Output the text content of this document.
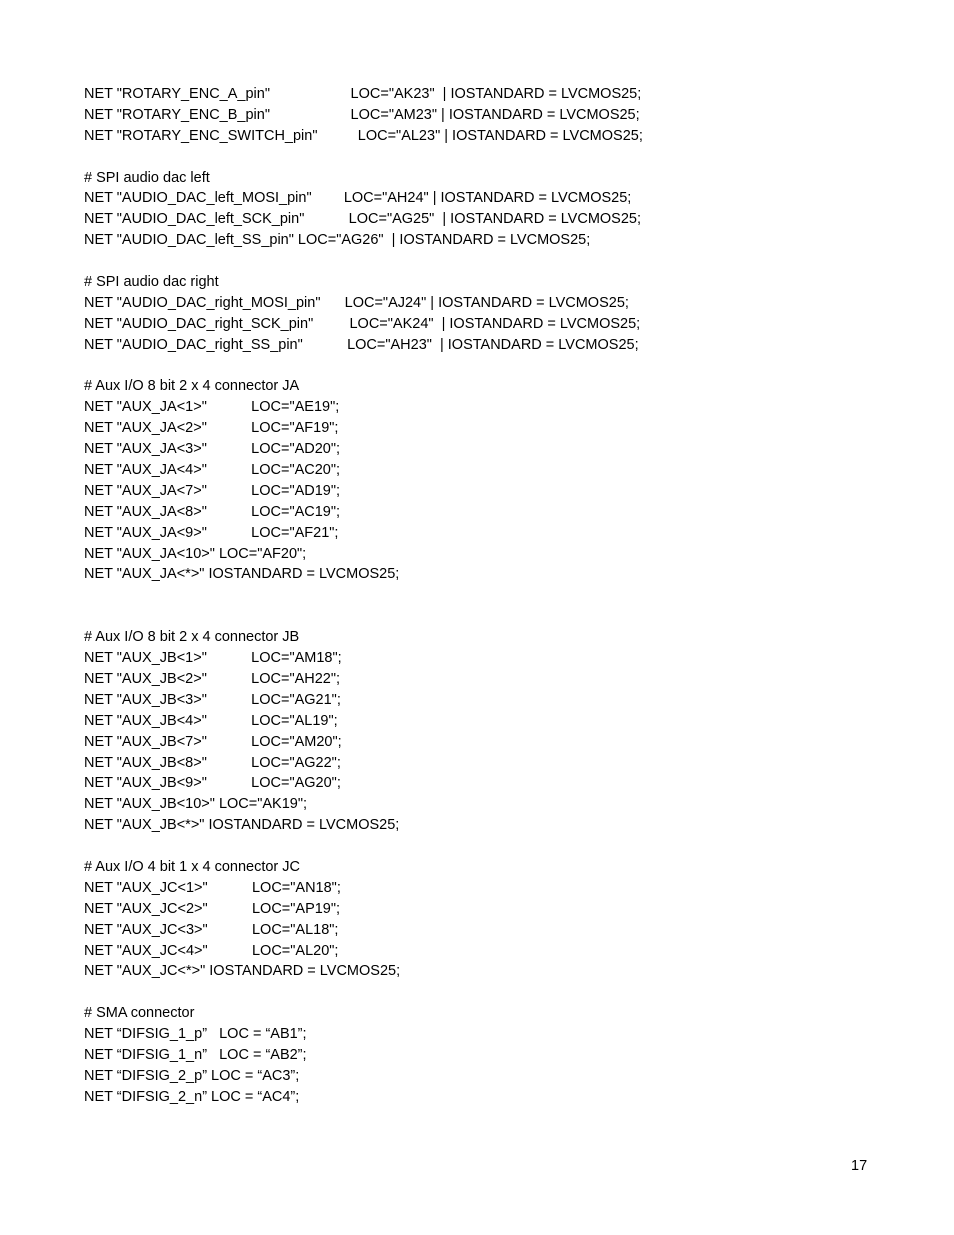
NET "ROTARY_ENC_A_pin"                    LOC="AK23"  | IOSTANDARD = LVCMOS25;
NET "ROTARY_ENC_B_pin"                    LOC="AM23" | IOSTANDARD = LVCMOS25;
NET "ROTARY_ENC_SWITCH_pin"          LOC="AL23" | IOSTANDARD = LVCMOS25;
# SPI audio dac left
NET "AUDIO_DAC_left_MOSI_pin"        LOC="AH24" | IOSTANDARD = LVCMOS25;
NET "AUDIO_DAC_left_SCK_pin"           LOC="AG25"  | IOSTANDARD = LVCMOS25;
NET "AUDIO_DAC_left_SS_pin" LOC="AG26"  | IOSTANDARD = LVCMOS25;
# SPI audio dac right
NET "AUDIO_DAC_right_MOSI_pin"      LOC="AJ24" | IOSTANDARD = LVCMOS25;
NET "AUDIO_DAC_right_SCK_pin"         LOC="AK24"  | IOSTANDARD = LVCMOS25;
NET "AUDIO_DAC_right_SS_pin"           LOC="AH23"  | IOSTANDARD = LVCMOS25;
# Aux I/O 8 bit 2 x 4 connector JA
NET "AUX_JA<1>"           LOC="AE19";
NET "AUX_JA<2>"           LOC="AF19";
NET "AUX_JA<3>"           LOC="AD20";
NET "AUX_JA<4>"           LOC="AC20";
NET "AUX_JA<7>"           LOC="AD19";
NET "AUX_JA<8>"           LOC="AC19";
NET "AUX_JA<9>"           LOC="AF21";
NET "AUX_JA<10>" LOC="AF20";
NET "AUX_JA<*>" IOSTANDARD = LVCMOS25;
# Aux I/O 8 bit 2 x 4 connector JB
NET "AUX_JB<1>"           LOC="AM18";
NET "AUX_JB<2>"           LOC="AH22";
NET "AUX_JB<3>"           LOC="AG21";
NET "AUX_JB<4>"           LOC="AL19";
NET "AUX_JB<7>"           LOC="AM20";
NET "AUX_JB<8>"           LOC="AG22";
NET "AUX_JB<9>"           LOC="AG20";
NET "AUX_JB<10>" LOC="AK19";
NET "AUX_JB<*>" IOSTANDARD = LVCMOS25;
# Aux I/O 4 bit 1 x 4 connector JC
NET "AUX_JC<1>"           LOC="AN18";
NET "AUX_JC<2>"           LOC="AP19";
NET "AUX_JC<3>"           LOC="AL18";
NET "AUX_JC<4>"           LOC="AL20";
NET "AUX_JC<*>" IOSTANDARD = LVCMOS25;
# SMA connector
NET “DIFSIG_1_p”   LOC = “AB1”;
NET “DIFSIG_1_n”   LOC = “AB2”;
NET “DIFSIG_2_p” LOC = “AC3”;
NET “DIFSIG_2_n” LOC = “AC4”;
17
